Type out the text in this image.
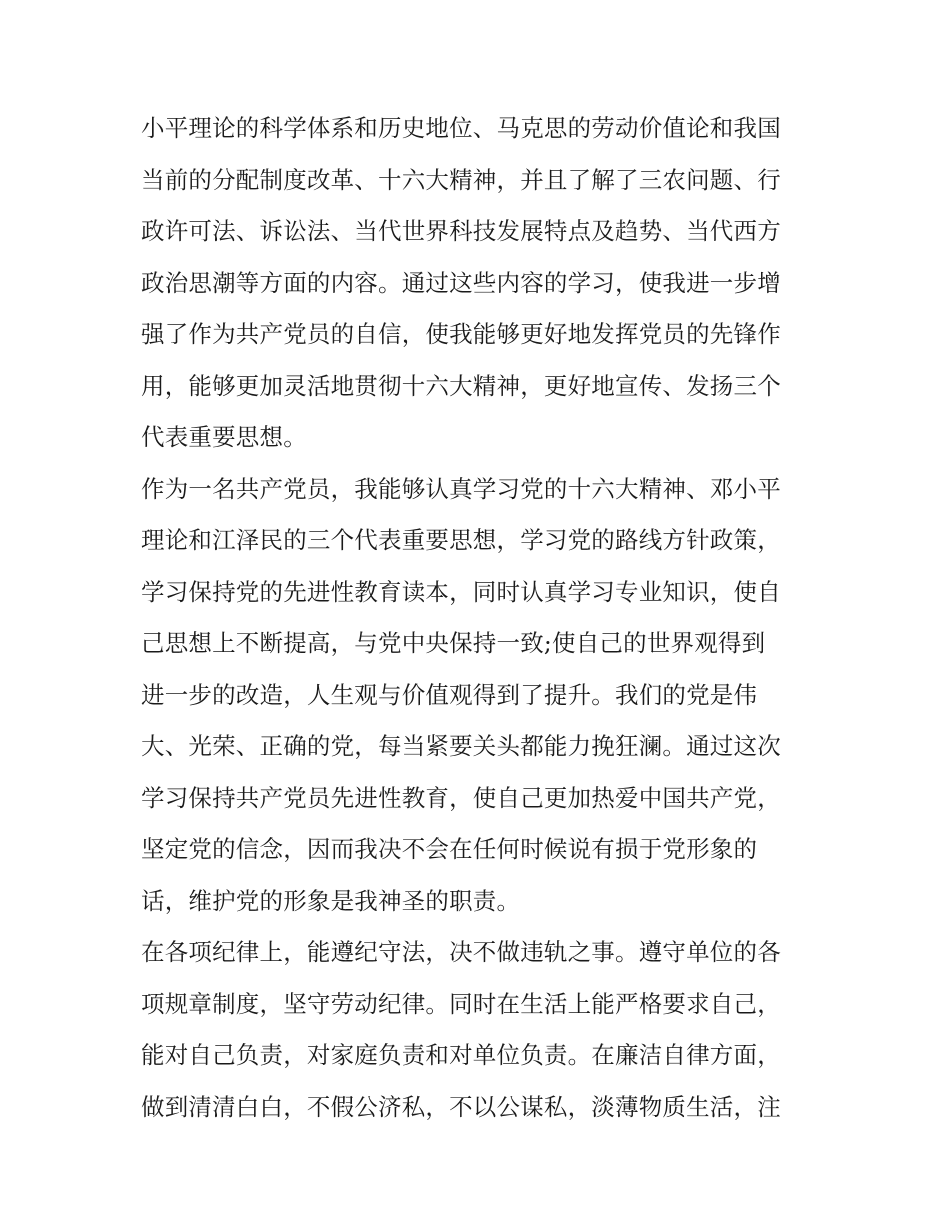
小平理论的科学体系和历史地位、马克思的劳动价值论和我国
当前的分配制度改革、十六大精神，并且了解了三农问题、行
政许可法、诉讼法、当代世界科技发展特点及趋势、当代西方
政治思潮等方面的内容。通过这些内容的学习，使我进一步增
强了作为共产党员的自信，使我能够更好地发挥党员的先锋作
用，能够更加灵活地贯彻十六大精神，更好地宣传、发扬三个
代表重要思想。
作为一名共产党员，我能够认真学习党的十六大精神、邓小平
理论和江泽民的三个代表重要思想，学习党的路线方针政策，
学习保持党的先进性教育读本，同时认真学习专业知识，使自
己思想上不断提高，与党中央保持一致;使自己的世界观得到
进一步的改造，人生观与价值观得到了提升。我们的党是伟
大、光荣、正确的党，每当紧要关头都能力挽狂澜。通过这次
学习保持共产党员先进性教育，使自己更加热爱中国共产党，
坚定党的信念，因而我决不会在任何时候说有损于党形象的
话，维护党的形象是我神圣的职责。
在各项纪律上，能遵纪守法，决不做违轨之事。遵守单位的各
项规章制度，坚守劳动纪律。同时在生活上能严格要求自己，
能对自己负责，对家庭负责和对单位负责。在廉洁自律方面，
做到清清白白，不假公济私，不以公谋私，淡薄物质生活，注
